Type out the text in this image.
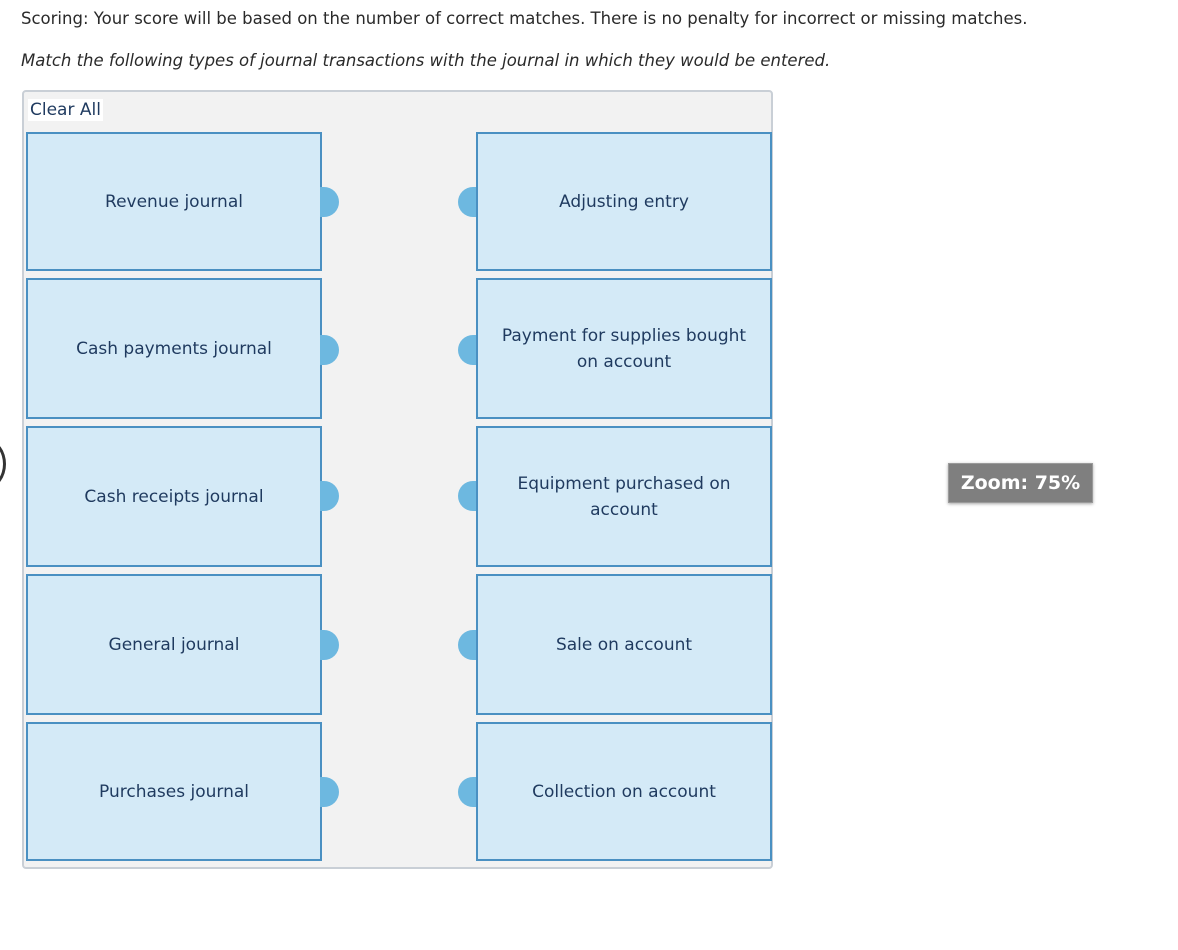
Scoring: Your score will be based on the number of correct matches. There is no penalty for incorrect or missing matches.
Match the following types of journal transactions with the journal in which they would be entered.
Clear All
Revenue journal
Cash payments journal
Cash receipts journal
General journal
Purchases journal
Adjusting entry
Payment for supplies bought on account
Equipment purchased on account
Sale on account
Collection on account
Zoom: 75%
